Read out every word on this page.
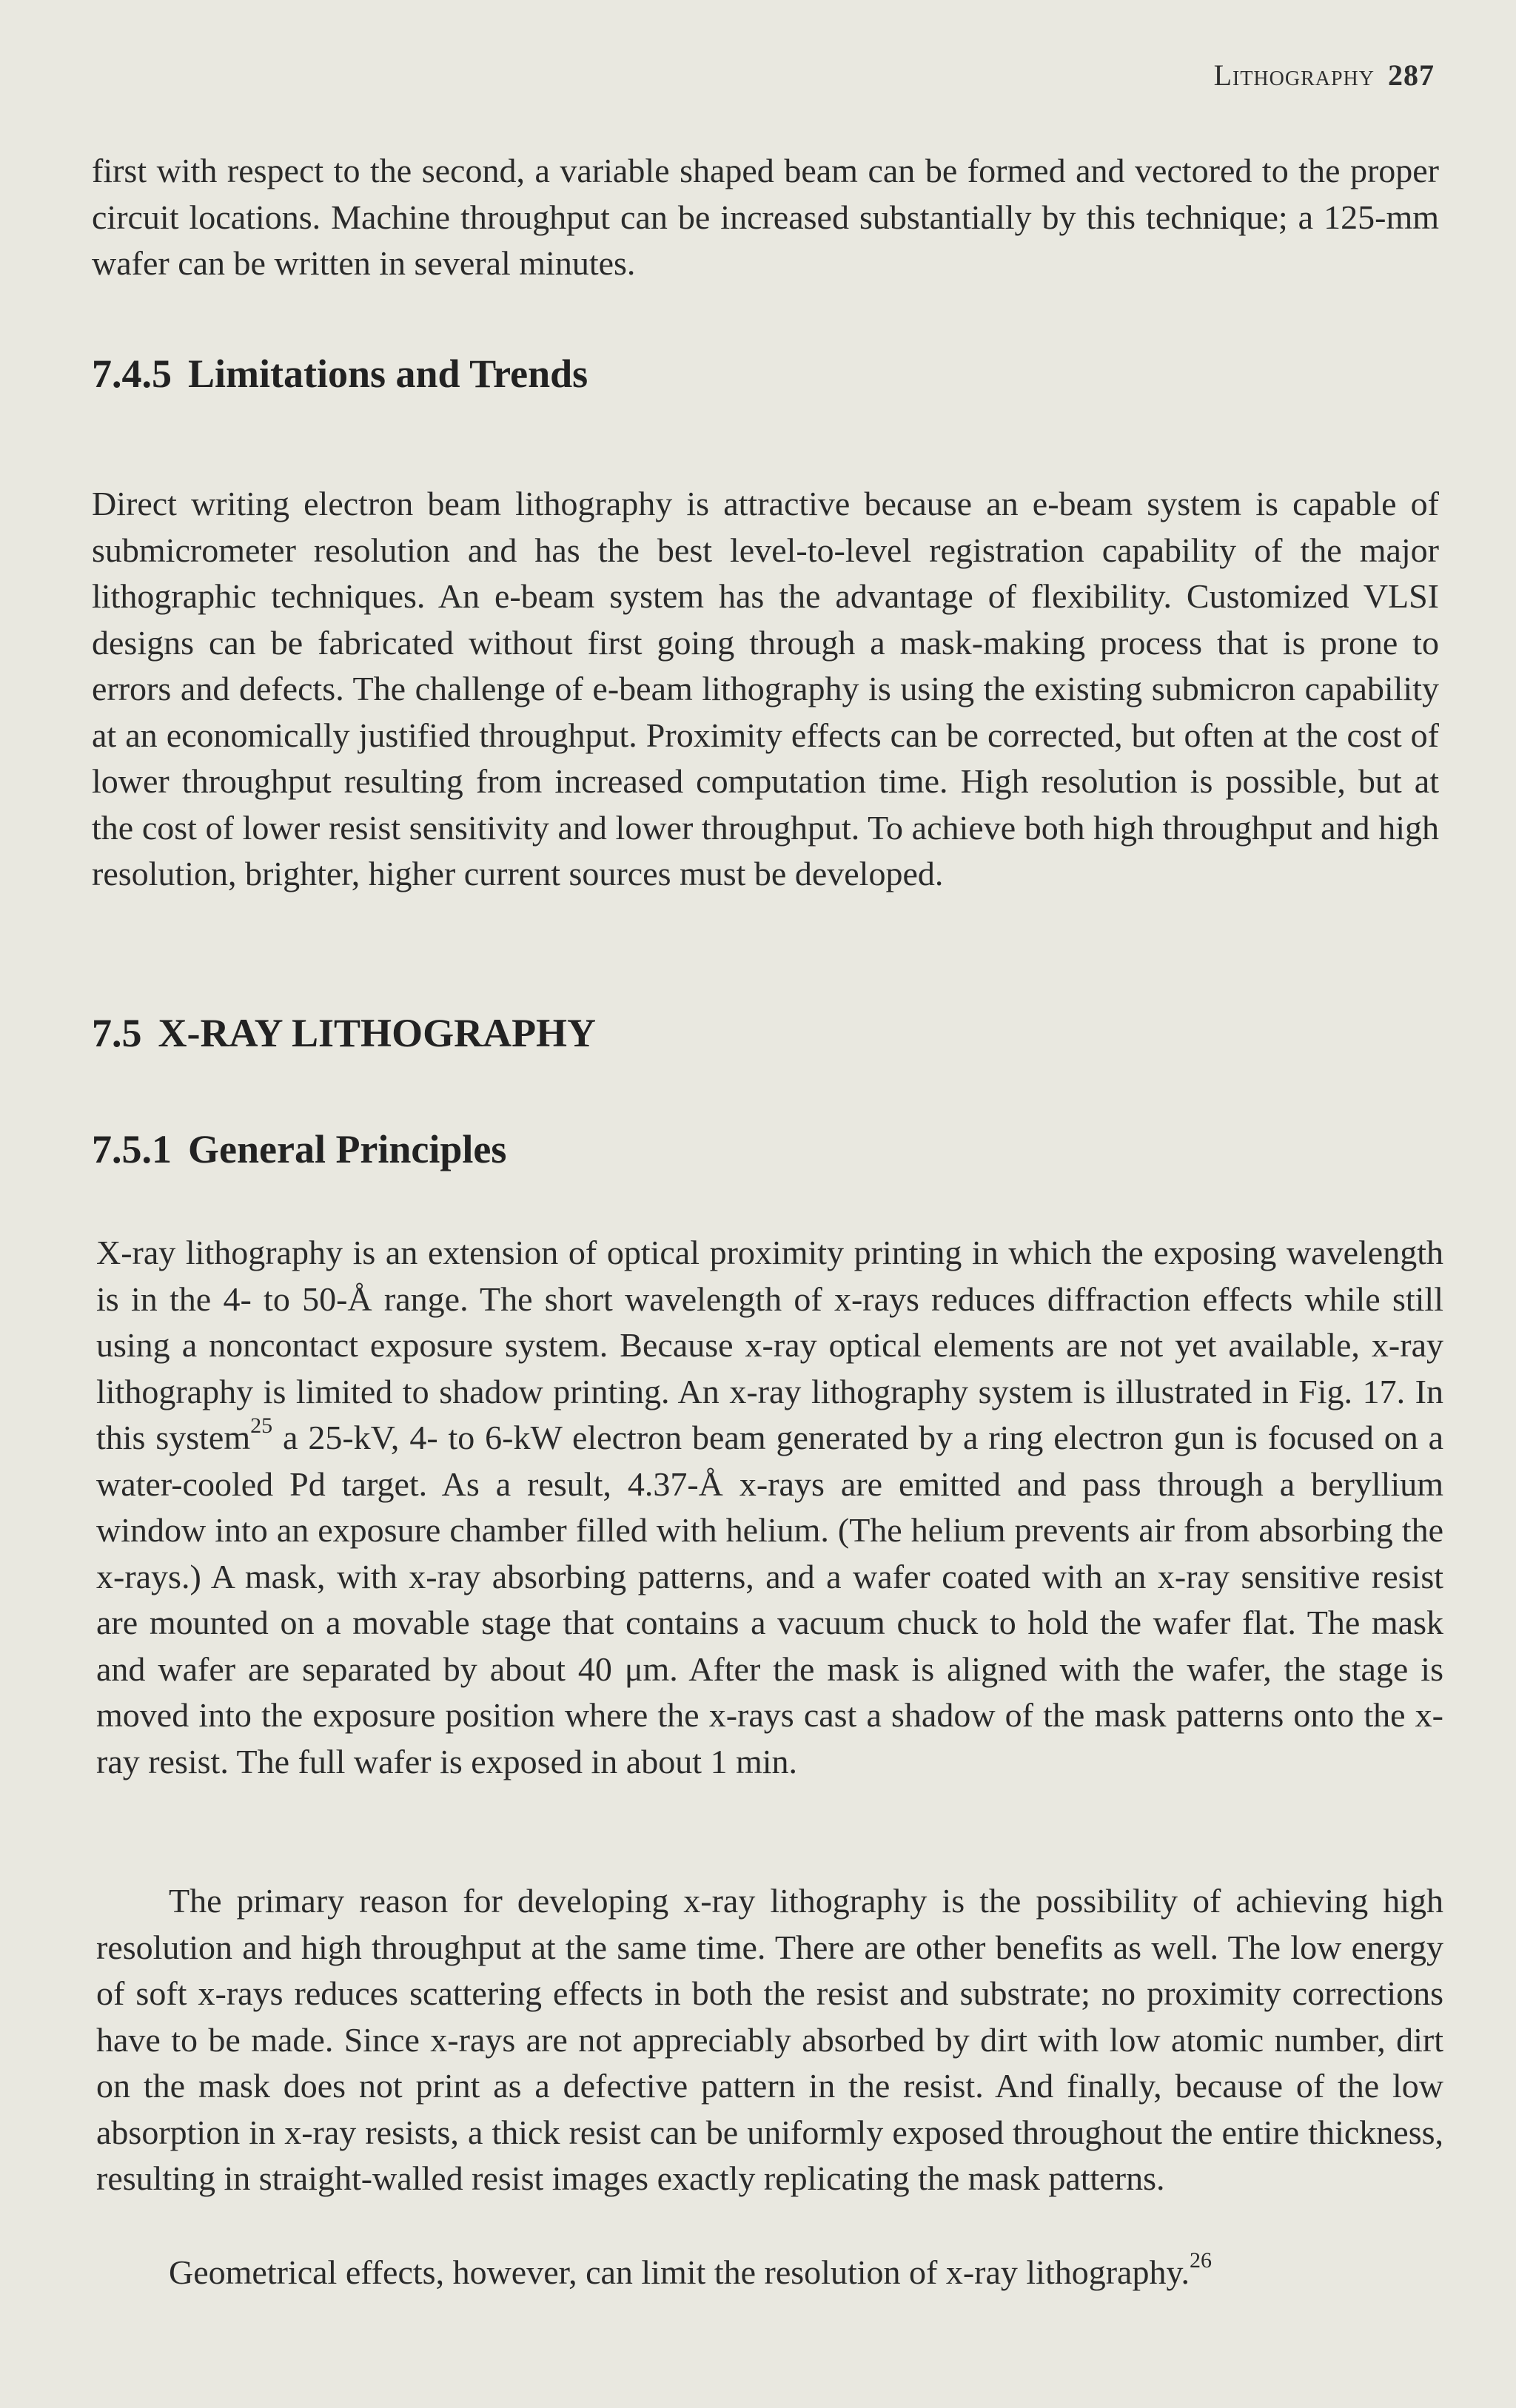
Lithography 287

first with respect to the second, a variable shaped beam can be formed and vectored to the proper circuit locations. Machine throughput can be increased substantially by this technique; a 125-mm wafer can be written in several minutes.

7.4.5 Limitations and Trends

Direct writing electron beam lithography is attractive because an e-beam system is capable of submicrometer resolution and has the best level-to-level registration capability of the major lithographic techniques. An e-beam system has the advantage of flexibility. Customized VLSI designs can be fabricated without first going through a mask-making process that is prone to errors and defects. The challenge of e-beam lithography is using the existing submicron capability at an economically justified throughput. Proximity effects can be corrected, but often at the cost of lower throughput resulting from increased computation time. High resolution is possible, but at the cost of lower resist sensitivity and lower throughput. To achieve both high throughput and high resolution, brighter, higher current sources must be developed.

7.5 X-RAY LITHOGRAPHY
7.5.1 General Principles

X-ray lithography is an extension of optical proximity printing in which the exposing wavelength is in the 4- to 50-Å range. The short wavelength of x-rays reduces diffraction effects while still using a noncontact exposure system. Because x-ray optical elements are not yet available, x-ray lithography is limited to shadow printing. An x-ray lithography system is illustrated in Fig. 17. In this system$^{25}$ a 25-kV, 4- to 6-kW electron beam generated by a ring electron gun is focused on a water-cooled Pd target. As a result, 4.37-Å x-rays are emitted and pass through a beryllium window into an exposure chamber filled with helium. (The helium prevents air from absorbing the x-rays.) A mask, with x-ray absorbing patterns, and a wafer coated with an x-ray sensitive resist are mounted on a movable stage that contains a vacuum chuck to hold the wafer flat. The mask and wafer are separated by about 40 μm. After the mask is aligned with the wafer, the stage is moved into the exposure position where the x-rays cast a shadow of the mask patterns onto the x-ray resist. The full wafer is exposed in about 1 min.

The primary reason for developing x-ray lithography is the possibility of achieving high resolution and high throughput at the same time. There are other benefits as well. The low energy of soft x-rays reduces scattering effects in both the resist and substrate; no proximity corrections have to be made. Since x-rays are not appreciably absorbed by dirt with low atomic number, dirt on the mask does not print as a defective pattern in the resist. And finally, because of the low absorption in x-ray resists, a thick resist can be uniformly exposed throughout the entire thickness, resulting in straight-walled resist images exactly replicating the mask patterns.

Geometrical effects, however, can limit the resolution of x-ray lithography.$^{26}$
